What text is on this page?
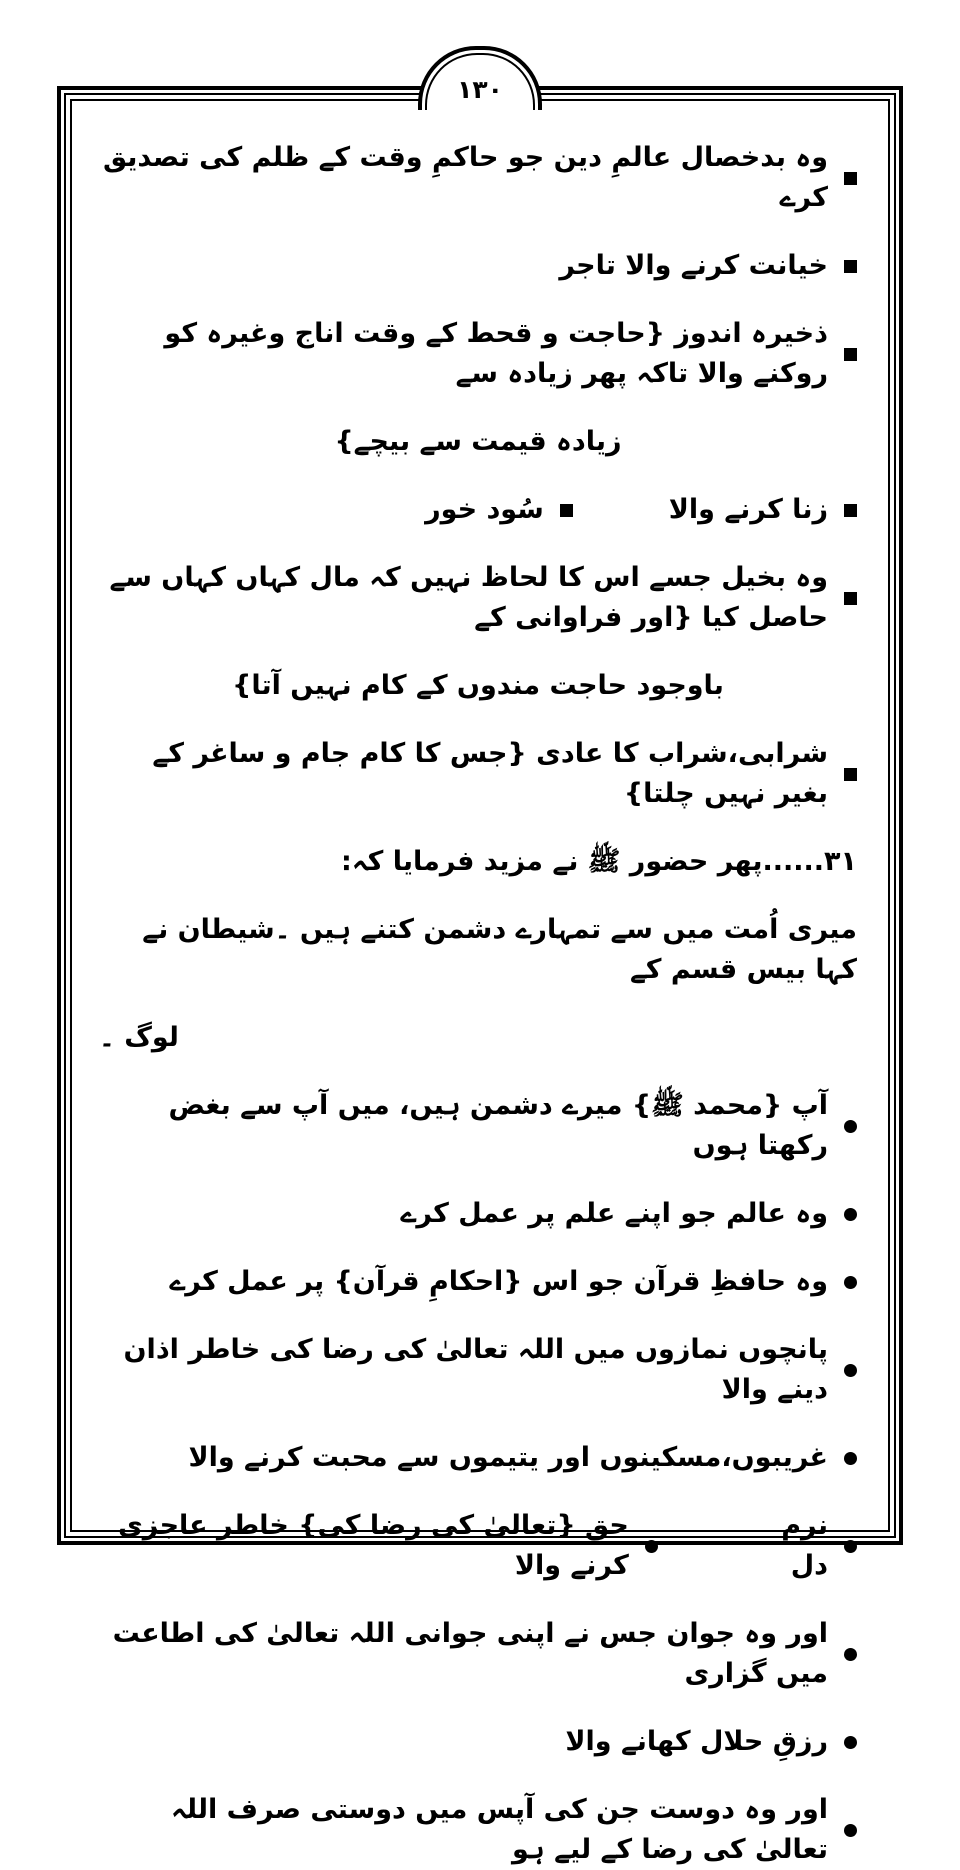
۱۳۰
وہ بدخصال عالمِ دین جو حاکمِ وقت کے ظلم کی تصدیق کرے
خیانت کرنے والا تاجر
ذخیرہ اندوز {حاجت و قحط کے وقت اناج وغیرہ کو روکنے والا تاکہ پھر زیادہ سے
زیادہ قیمت سے بیچے}
زنا کرنے والا
سُود خور
وہ بخیل جسے اس کا لحاظ نہیں کہ مال کہاں کہاں سے حاصل کیا {اور فراوانی کے
باوجود حاجت مندوں کے کام نہیں آتا}
شرابی،شراب کا عادی {جس کا کام جام و ساغر کے بغیر نہیں چلتا}
۳۱......پھر حضور ﷺ نے مزید فرمایا کہ:
میری اُمت میں سے تمہارے دشمن کتنے ہیں ۔شیطان نے کہا بیس قسم کے
لوگ ۔
آپ {محمد ﷺ} میرے دشمن ہیں، میں آپ سے بغض رکھتا ہوں
وہ عالم جو اپنے علم پر عمل کرے
وہ حافظِ قرآن جو اس {احکامِ قرآن} پر عمل کرے
پانچوں نمازوں میں اللہ تعالیٰ کی رضا کی خاطر اذان دینے والا
غریبوں،مسکینوں اور یتیموں سے محبت کرنے والا
نرم دل
حق {تعالیٰ کی رضا کی} خاطر عاجزی کرنے والا
اور وہ جوان جس نے اپنی جوانی اللہ تعالیٰ کی اطاعت میں گزاری
رزقِ حلال کھانے والا
اور وہ دوست جن کی آپس میں دوستی صرف اللہ تعالیٰ کی رضا کے لیے ہو
